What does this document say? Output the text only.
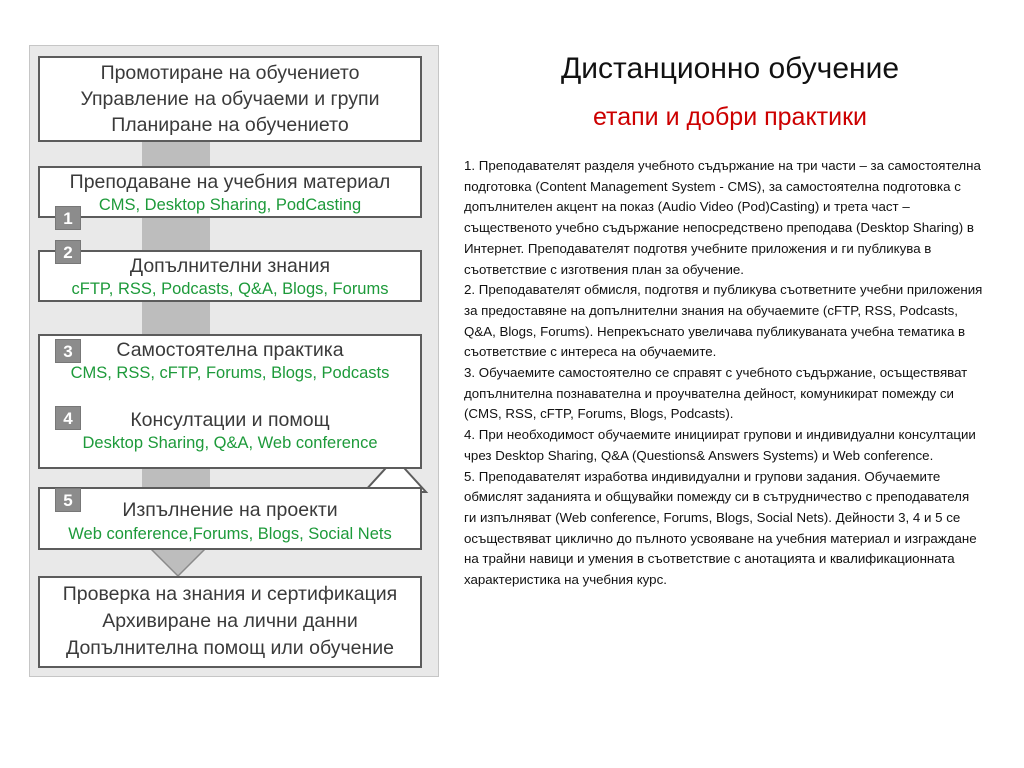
Промотиране на обучението
Управление на обучаеми и групи
Планиране на обучението
Преподаване на учебния материал
CMS, Desktop Sharing, PodCasting
Допълнителни знания
cFTP, RSS, Podcasts, Q&A, Blogs, Forums
Самостоятелна практика
CMS, RSS, cFTP, Forums, Blogs, Podcasts
Консултации и помощ
Desktop Sharing, Q&A, Web conference
Изпълнение на проекти
Web conference,Forums, Blogs, Social Nets
Проверка на знания и сертификация
Архивиране на лични данни
Допълнителна помощ или обучение
1
2
3
4
5
Дистанционно обучение
етапи и добри практики

1. Преподавателят разделя учебното съдържание на три части – за самостоятелна подготовка (Content Management System - CMS), за самостоятелна подготовка с допълнителен акцент на показ (Audio Video (Pod)Casting) и трета част – същественото учебно съдържание непосредствено преподава (Desktop Sharing) в Интернет. Преподавателят подготвя учебните приложения и ги публикува в съответствие с изготвения план за обучение.

2. Преподавателят обмисля, подготвя и публикува съответните учебни приложения за предоставяне на допълнителни знания на обучаемите (cFTP, RSS, Podcasts, Q&A, Blogs, Forums). Непрекъснато увеличава публикуваната учебна тематика в съответствие с интереса на обучаемите.

3. Обучаемите самостоятелно се справят с учебното съдържание, осъществяват допълнителна познавателна и проучвателна дейност, комуникират помежду си (CMS, RSS, cFTP, Forums, Blogs, Podcasts).

4. При необходимост обучаемите инициират групови и индивидуални консултации чрез Desktop Sharing, Q&A (Questions& Answers Systems) и Web conference.

5. Преподавателят изработва индивидуални и групови задания. Обучаемите обмислят заданията и общувайки помежду си в сътрудничество с преподавателя ги изпълняват (Web conference, Forums, Blogs, Social Nets). Дейности 3, 4 и 5 се осъществяват циклично до пълното усвояване на учебния материал и изграждане на трайни навици и умения в съответствие с анотацията и квалификационната характеристика на учебния курс.
